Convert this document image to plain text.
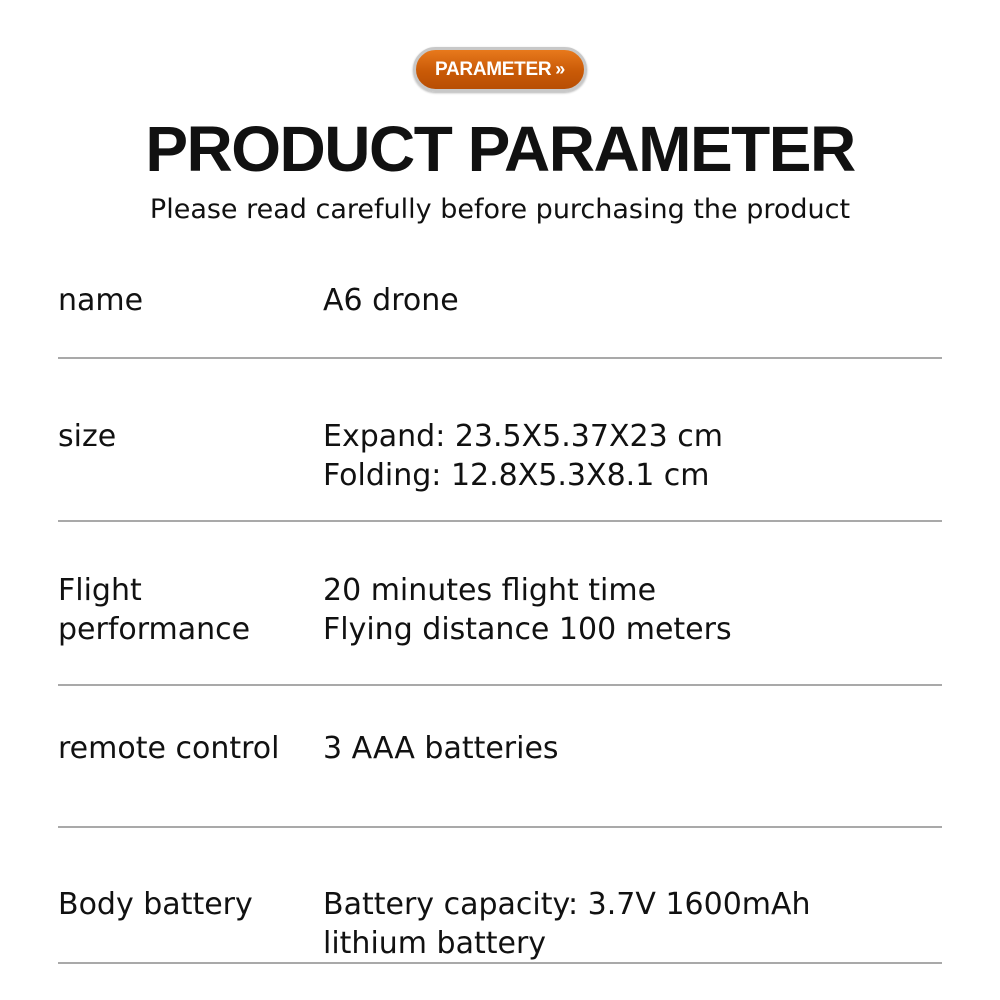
PARAMETER »
PRODUCT PARAMETER
Please read carefully before purchasing the product
name	A6 drone
size	Expand: 23.5X5.37X23 cm
Folding: 12.8X5.3X8.1 cm
Flight
performance
20 minutes flight time
Flying distance 100 meters
remote control 3 AAA batteries
Body battery Battery capacity: 3.7V 1600mAh
lithium battery
